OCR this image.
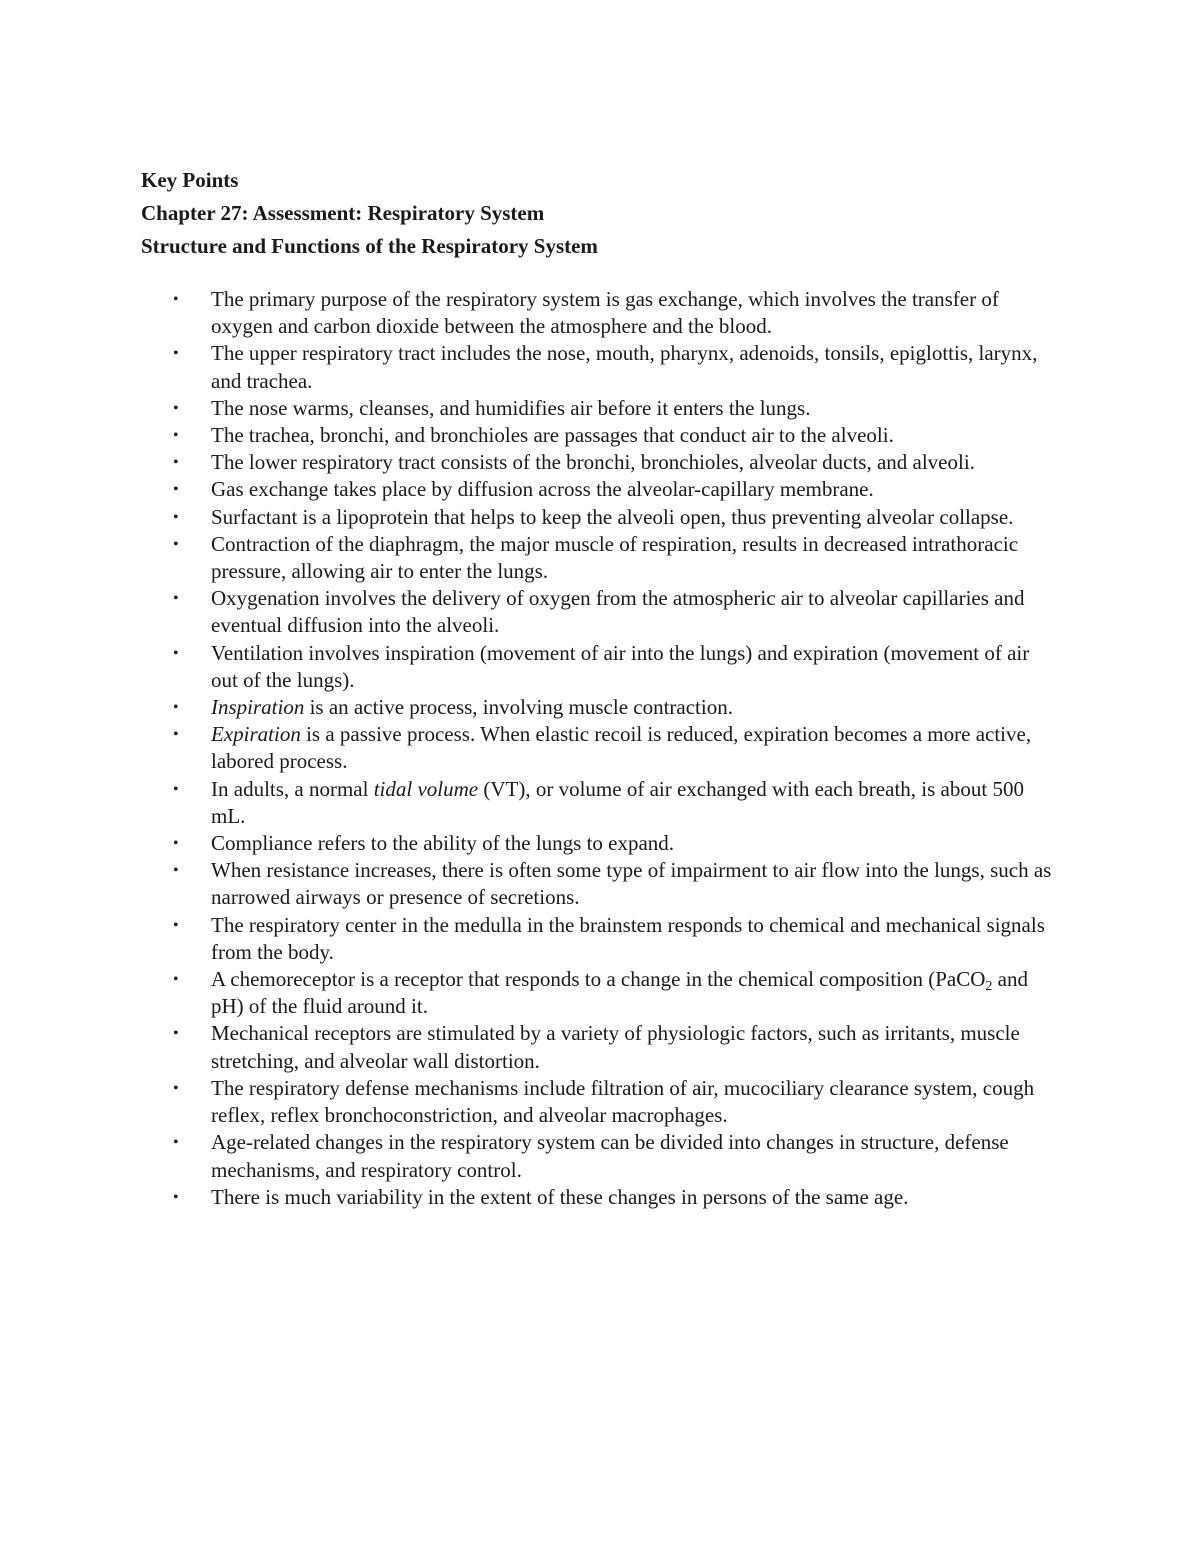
Key Points

Chapter 27: Assessment: Respiratory System

Structure and Functions of the Respiratory System

• The primary purpose of the respiratory system is gas exchange, which involves the transfer of oxygen and carbon dioxide between the atmosphere and the blood.
• The upper respiratory tract includes the nose, mouth, pharynx, adenoids, tonsils, epiglottis, larynx, and trachea.
• The nose warms, cleanses, and humidifies air before it enters the lungs.
• The trachea, bronchi, and bronchioles are passages that conduct air to the alveoli.
• The lower respiratory tract consists of the bronchi, bronchioles, alveolar ducts, and alveoli.
• Gas exchange takes place by diffusion across the alveolar-capillary membrane.
• Surfactant is a lipoprotein that helps to keep the alveoli open, thus preventing alveolar collapse.
• Contraction of the diaphragm, the major muscle of respiration, results in decreased intrathoracic pressure, allowing air to enter the lungs.
• Oxygenation involves the delivery of oxygen from the atmospheric air to alveolar capillaries and eventual diffusion into the alveoli.
• Ventilation involves inspiration (movement of air into the lungs) and expiration (movement of air out of the lungs).
• Inspiration is an active process, involving muscle contraction.
• Expiration is a passive process. When elastic recoil is reduced, expiration becomes a more active, labored process.
• In adults, a normal tidal volume (VT), or volume of air exchanged with each breath, is about 500 mL.
• Compliance refers to the ability of the lungs to expand.
• When resistance increases, there is often some type of impairment to air flow into the lungs, such as narrowed airways or presence of secretions.
• The respiratory center in the medulla in the brainstem responds to chemical and mechanical signals from the body.
• A chemoreceptor is a receptor that responds to a change in the chemical composition (PaCO$_2$ and pH) of the fluid around it.
• Mechanical receptors are stimulated by a variety of physiologic factors, such as irritants, muscle stretching, and alveolar wall distortion.
• The respiratory defense mechanisms include filtration of air, mucociliary clearance system, cough reflex, reflex bronchoconstriction, and alveolar macrophages.
• Age-related changes in the respiratory system can be divided into changes in structure, defense mechanisms, and respiratory control.
• There is much variability in the extent of these changes in persons of the same age.
